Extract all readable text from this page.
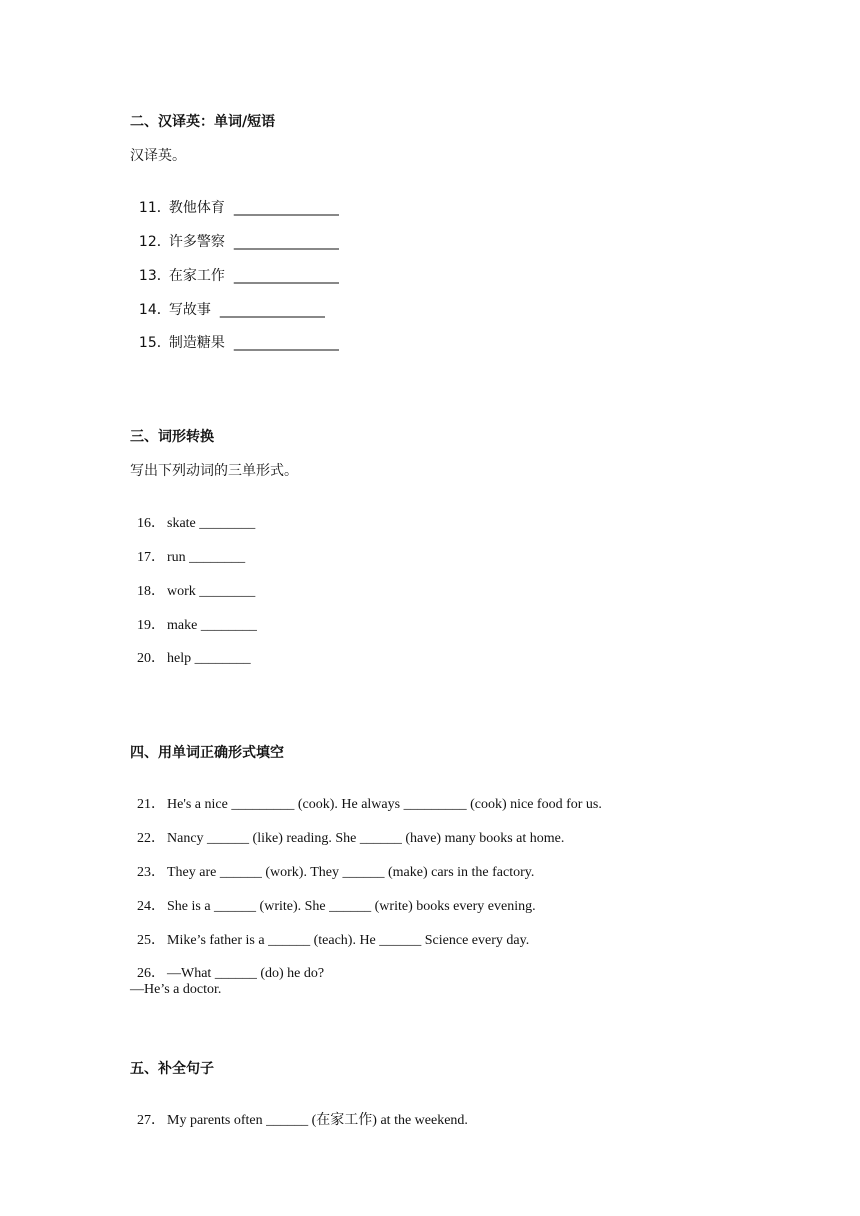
二、汉译英：单词/短语
汉译英。

11．教他体育 _______________

12．许多警察 _______________

13．在家工作 _______________

14．写故事 _______________

15．制造糖果 _______________

三、词形转换
写出下列动词的三单形式。

16． skate ________

17． run ________

18． work ________

19． make ________

20． help ________

四、用单词正确形式填空

21． He's a nice _________ (cook). He always _________ (cook) nice food for us.

22． Nancy ______ (like) reading. She ______ (have) many books at home.

23． They are ______ (work). They ______ (make) cars in the factory.

24． She is a ______ (write). She ______ (write) books every evening.

25． Mike’s father is a ______ (teach). He ______ Science every day.

26． —What ______ (do) he do?

—He’s a doctor.
五、补全句子

27． My parents often ______ (在家工作) at the weekend.
